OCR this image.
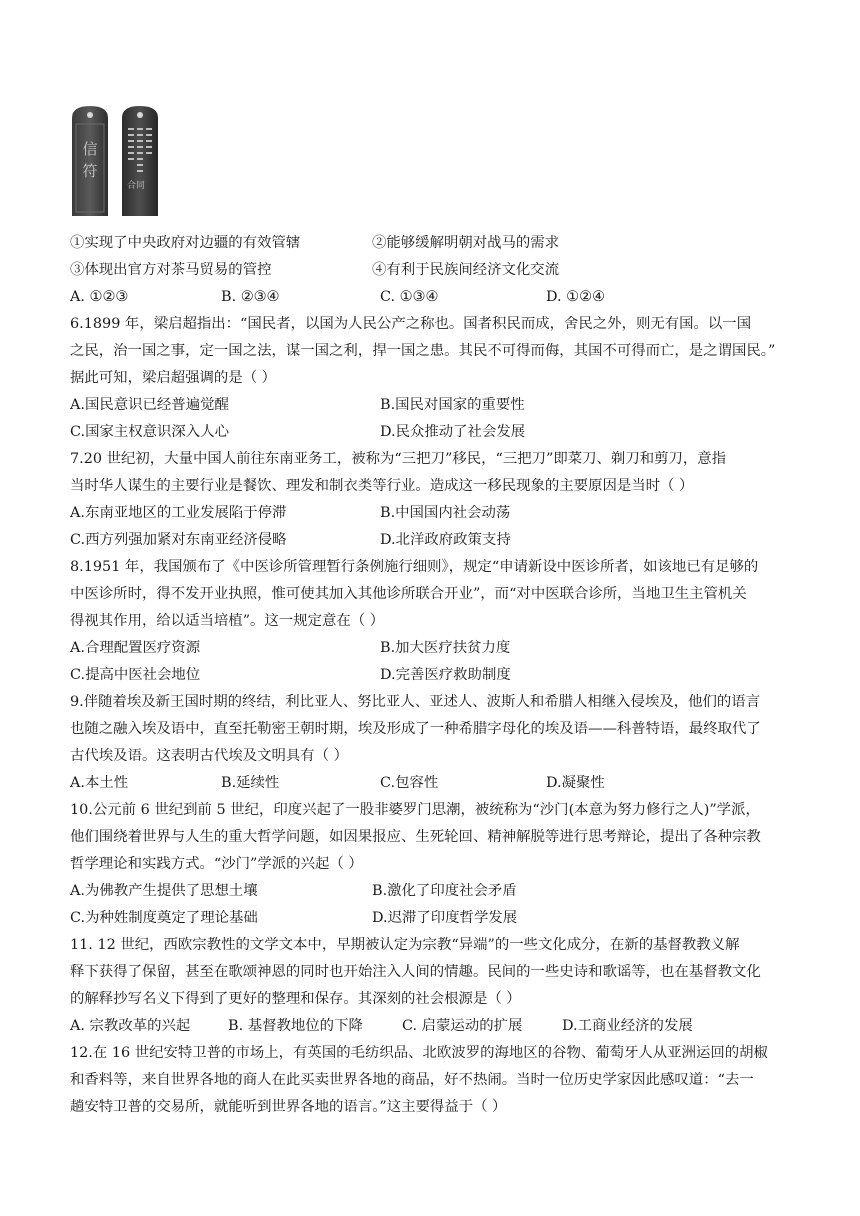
信
符
合同
①实现了中央政府对边疆的有效管辖	②能够缓解明朝对战马的需求
③体现出官方对茶马贸易的管控	④有利于民族间经济文化交流
A. ①②③	B. ②③④	C. ①③④	D. ①②④
6.1899 年，梁启超指出：“国民者，以国为人民公产之称也。国者积民而成，舍民之外，则无有国。以一国
之民，治一国之事，定一国之法，谋一国之利，捍一国之患。其民不可得而侮，其国不可得而亡，是之谓国民。”
据此可知，梁启超强调的是（ ）
A.国民意识已经普遍觉醒	B.国民对国家的重要性
C.国家主权意识深入人心	D.民众推动了社会发展
7.20 世纪初，大量中国人前往东南亚务工，被称为“三把刀”移民，“三把刀”即菜刀、剃刀和剪刀，意指
当时华人谋生的主要行业是餐饮、理发和制衣类等行业。造成这一移民现象的主要原因是当时（ ）
A.东南亚地区的工业发展陷于停滞	B.中国国内社会动荡
C.西方列强加紧对东南亚经济侵略	D.北洋政府政策支持
8.1951 年，我国颁布了《中医诊所管理暂行条例施行细则》，规定“申请新设中医诊所者，如该地已有足够的
中医诊所时，得不发开业执照，惟可使其加入其他诊所联合开业”，而“对中医联合诊所，当地卫生主管机关
得视其作用，给以适当培植”。这一规定意在（ ）
A.合理配置医疗资源	B.加大医疗扶贫力度
C.提高中医社会地位	D.完善医疗救助制度
9.伴随着埃及新王国时期的终结，利比亚人、努比亚人、亚述人、波斯人和希腊人相继入侵埃及，他们的语言
也随之融入埃及语中，直至托勒密王朝时期，埃及形成了一种希腊字母化的埃及语——科普特语，最终取代了
古代埃及语。这表明古代埃及文明具有（ ）
A.本土性	B.延续性	C.包容性	D.凝聚性
10.公元前 6 世纪到前 5 世纪，印度兴起了一股非婆罗门思潮，被统称为“沙门(本意为努力修行之人)”学派，
他们围绕着世界与人生的重大哲学问题，如因果报应、生死轮回、精神解脱等进行思考辩论，提出了各种宗教
哲学理论和实践方式。“沙门”学派的兴起（ ）
A.为佛教产生提供了思想土壤	B.激化了印度社会矛盾
C.为种姓制度奠定了理论基础	D.迟滞了印度哲学发展
11. 12 世纪，西欧宗教性的文学文本中，早期被认定为宗教“异端”的一些文化成分，在新的基督教教义解
释下获得了保留，甚至在歌颂神恩的同时也开始注入人间的情趣。民间的一些史诗和歌谣等，也在基督教文化
的解释抄写名义下得到了更好的整理和保存。其深刻的社会根源是（ ）
A. 宗教改革的兴起	B. 基督教地位的下降	C. 启蒙运动的扩展	D.工商业经济的发展
12.在 16 世纪安特卫普的市场上，有英国的毛纺织品、北欧波罗的海地区的谷物、葡萄牙人从亚洲运回的胡椒
和香料等，来自世界各地的商人在此买卖世界各地的商品，好不热闹。当时一位历史学家因此感叹道：“去一
趟安特卫普的交易所，就能听到世界各地的语言。”这主要得益于（ ）
